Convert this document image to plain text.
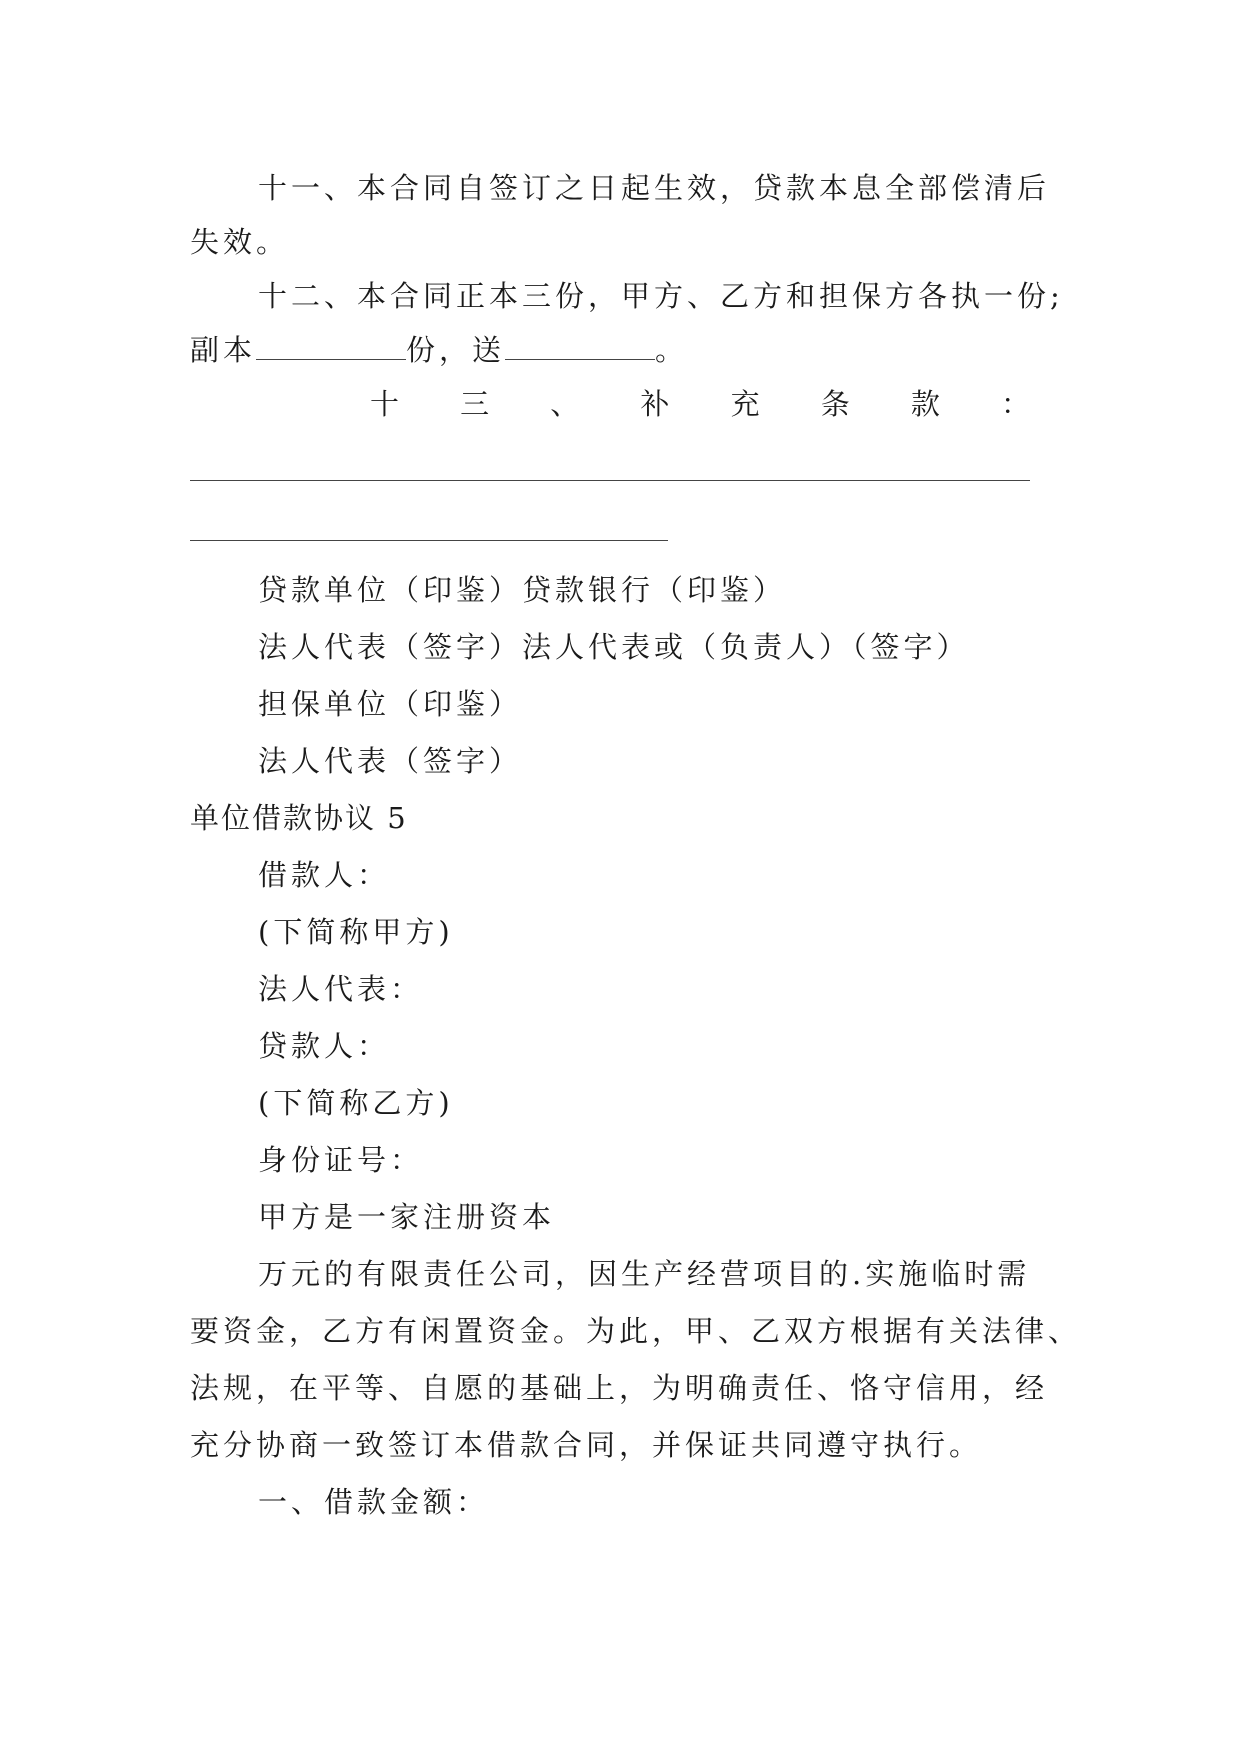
十一、本合同自签订之日起生效，贷款本息全部偿清后
失效。
十二、本合同正本三份，甲方、乙方和担保方各执一份;
副本	份，送	。
十 三 、 补 充 条 款 ：
贷款单位（印鉴）贷款银行（印鉴）
法人代表（签字）法人代表或（负责人）（签字）
担保单位（印鉴）
法人代表（签字）
单位借款协议 5
借款人：
(下简称甲方)
法人代表：
贷款人：
(下简称乙方)
身份证号：
甲方是一家注册资本
万元的有限责任公司，因生产经营项目的.实施临时需
要资金，乙方有闲置资金。为此，甲、乙双方根据有关法律、
法规，在平等、自愿的基础上，为明确责任、恪守信用，经
充分协商一致签订本借款合同，并保证共同遵守执行。
一、借款金额：
